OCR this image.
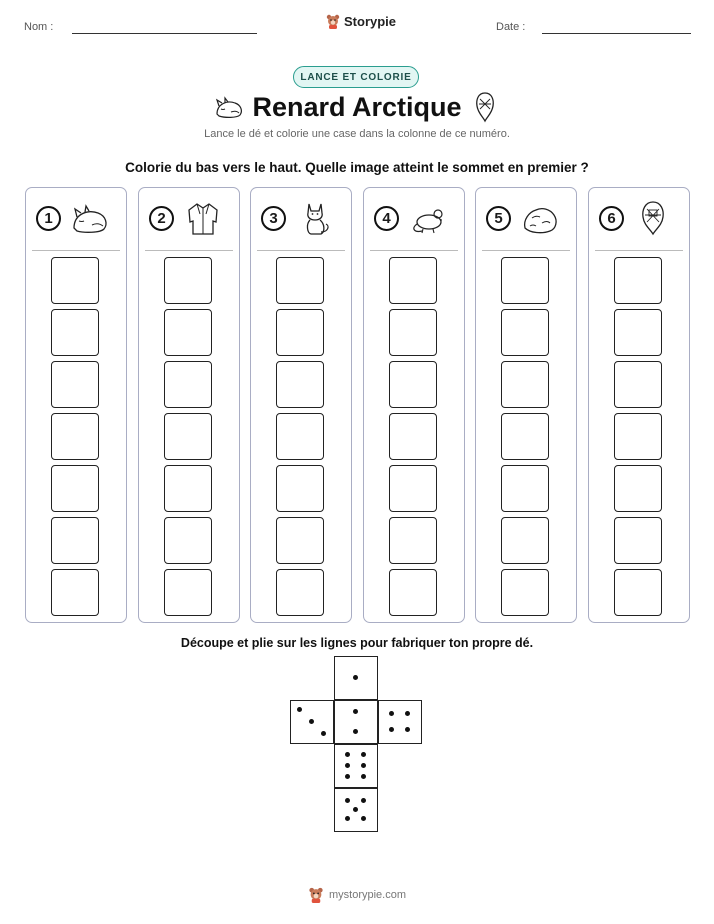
Nom :	Storypie	Date :
LANCE ET COLORIE
Renard Arctique
Lance le dé et colorie une case dans la colonne de ce numéro.
Colorie du bas vers le haut. Quelle image atteint le sommet en premier ?
1	2	3	4	5	6
Découpe et plie sur les lignes pour fabriquer ton propre dé.
mystorypie.com
